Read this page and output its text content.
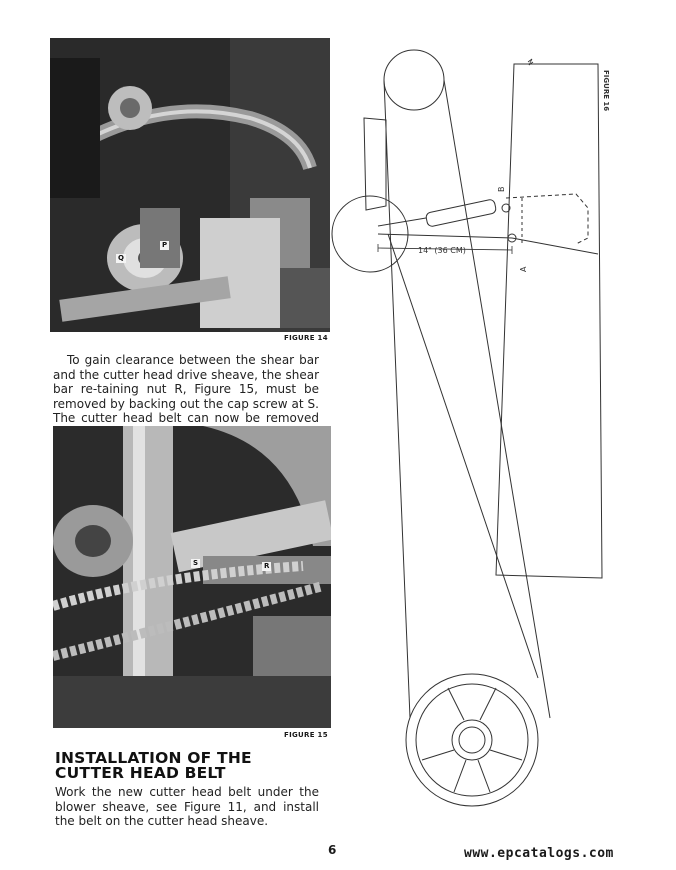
P
Q
FIGURE 14
To gain clearance between the shear bar and the cutter head drive sheave, the shear bar re-taining nut R, Figure 15, must be removed by backing out the cap screw at S. The cutter head belt can now be removed
S	R
FIGURE 15
INSTALLATION OF THE
CUTTER HEAD BELT
Work the new cutter head belt under the blower sheave, see Figure 11, and install the belt on the cutter head sheave.
14" (36 CM)
B
A
FIGURE 16
6	www.epcatalogs.com
